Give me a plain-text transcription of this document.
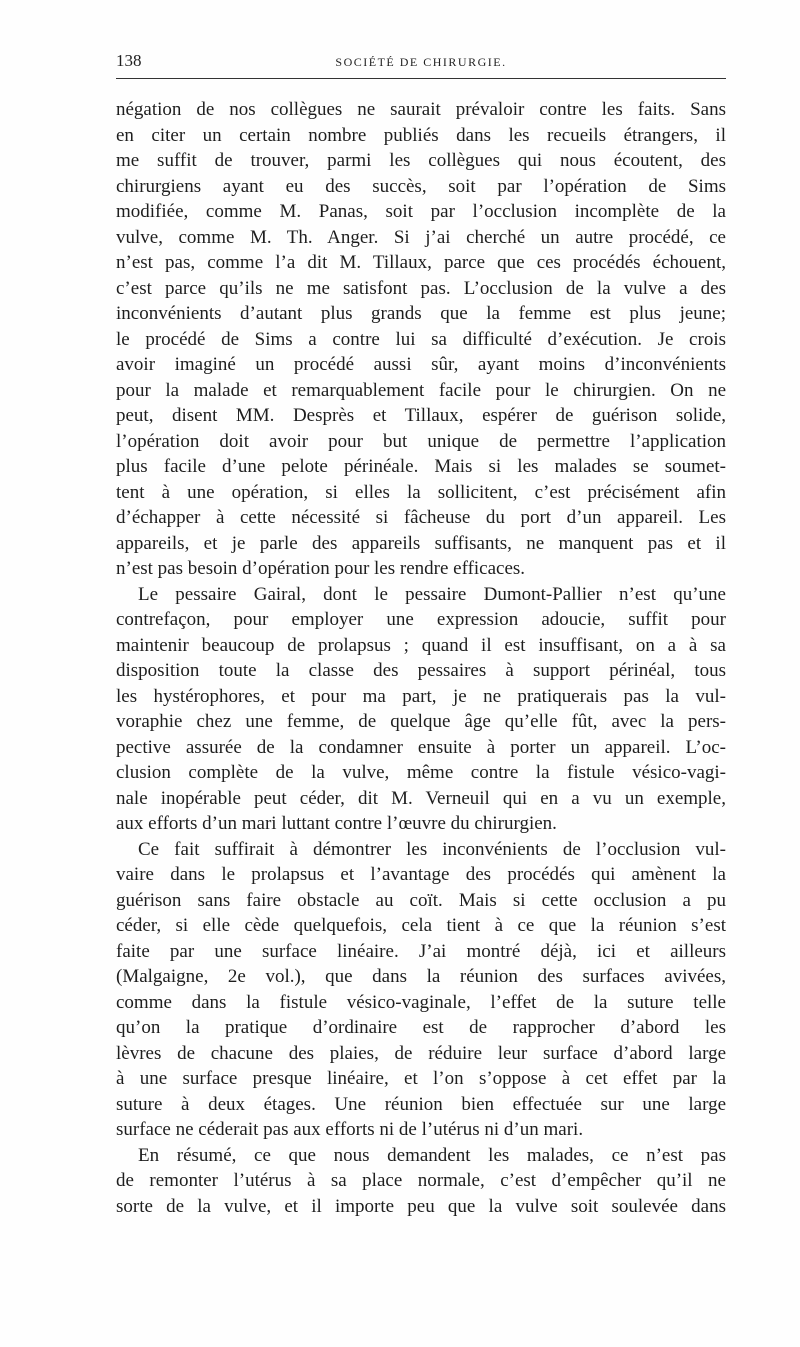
138	SOCIÉTÉ DE CHIRURGIE.
négation de nos collègues ne saurait prévaloir contre les faits. Sans
en citer un certain nombre publiés dans les recueils étrangers, il
me suffit de trouver, parmi les collègues qui nous écoutent, des
chirurgiens ayant eu des succès, soit par l’opération de Sims
modifiée, comme M. Panas, soit par l’occlusion incomplète de la
vulve, comme M. Th. Anger. Si j’ai cherché un autre procédé, ce
n’est pas, comme l’a dit M. Tillaux, parce que ces procédés échouent,
c’est parce qu’ils ne me satisfont pas. L’occlusion de la vulve a des
inconvénients d’autant plus grands que la femme est plus jeune;
le procédé de Sims a contre lui sa difficulté d’exécution. Je crois
avoir imaginé un procédé aussi sûr, ayant moins d’inconvénients
pour la malade et remarquablement facile pour le chirurgien. On ne
peut, disent MM. Desprès et Tillaux, espérer de guérison solide,
l’opération doit avoir pour but unique de permettre l’application
plus facile d’une pelote périnéale. Mais si les malades se soumet-
tent à une opération, si elles la sollicitent, c’est précisément afin
d’échapper à cette nécessité si fâcheuse du port d’un appareil. Les
appareils, et je parle des appareils suffisants, ne manquent pas et il
n’est pas besoin d’opération pour les rendre efficaces.
Le pessaire Gairal, dont le pessaire Dumont-Pallier n’est qu’une
contrefaçon, pour employer une expression adoucie, suffit pour
maintenir beaucoup de prolapsus ; quand il est insuffisant, on a à sa
disposition toute la classe des pessaires à support périnéal, tous
les hystérophores, et pour ma part, je ne pratiquerais pas la vul-
voraphie chez une femme, de quelque âge qu’elle fût, avec la pers-
pective assurée de la condamner ensuite à porter un appareil. L’oc-
clusion complète de la vulve, même contre la fistule vésico-vagi-
nale inopérable peut céder, dit M. Verneuil qui en a vu un exemple,
aux efforts d’un mari luttant contre l’œuvre du chirurgien.
Ce fait suffirait à démontrer les inconvénients de l’occlusion vul-
vaire dans le prolapsus et l’avantage des procédés qui amènent la
guérison sans faire obstacle au coït. Mais si cette occlusion a pu
céder, si elle cède quelquefois, cela tient à ce que la réunion s’est
faite par une surface linéaire. J’ai montré déjà, ici et ailleurs
(Malgaigne, 2e vol.), que dans la réunion des surfaces avivées,
comme dans la fistule vésico-vaginale, l’effet de la suture telle
qu’on la pratique d’ordinaire est de rapprocher d’abord les
lèvres de chacune des plaies, de réduire leur surface d’abord large
à une surface presque linéaire, et l’on s’oppose à cet effet par la
suture à deux étages. Une réunion bien effectuée sur une large
surface ne céderait pas aux efforts ni de l’utérus ni d’un mari.
En résumé, ce que nous demandent les malades, ce n’est pas
de remonter l’utérus à sa place normale, c’est d’empêcher qu’il ne
sorte de la vulve, et il importe peu que la vulve soit soulevée dans
